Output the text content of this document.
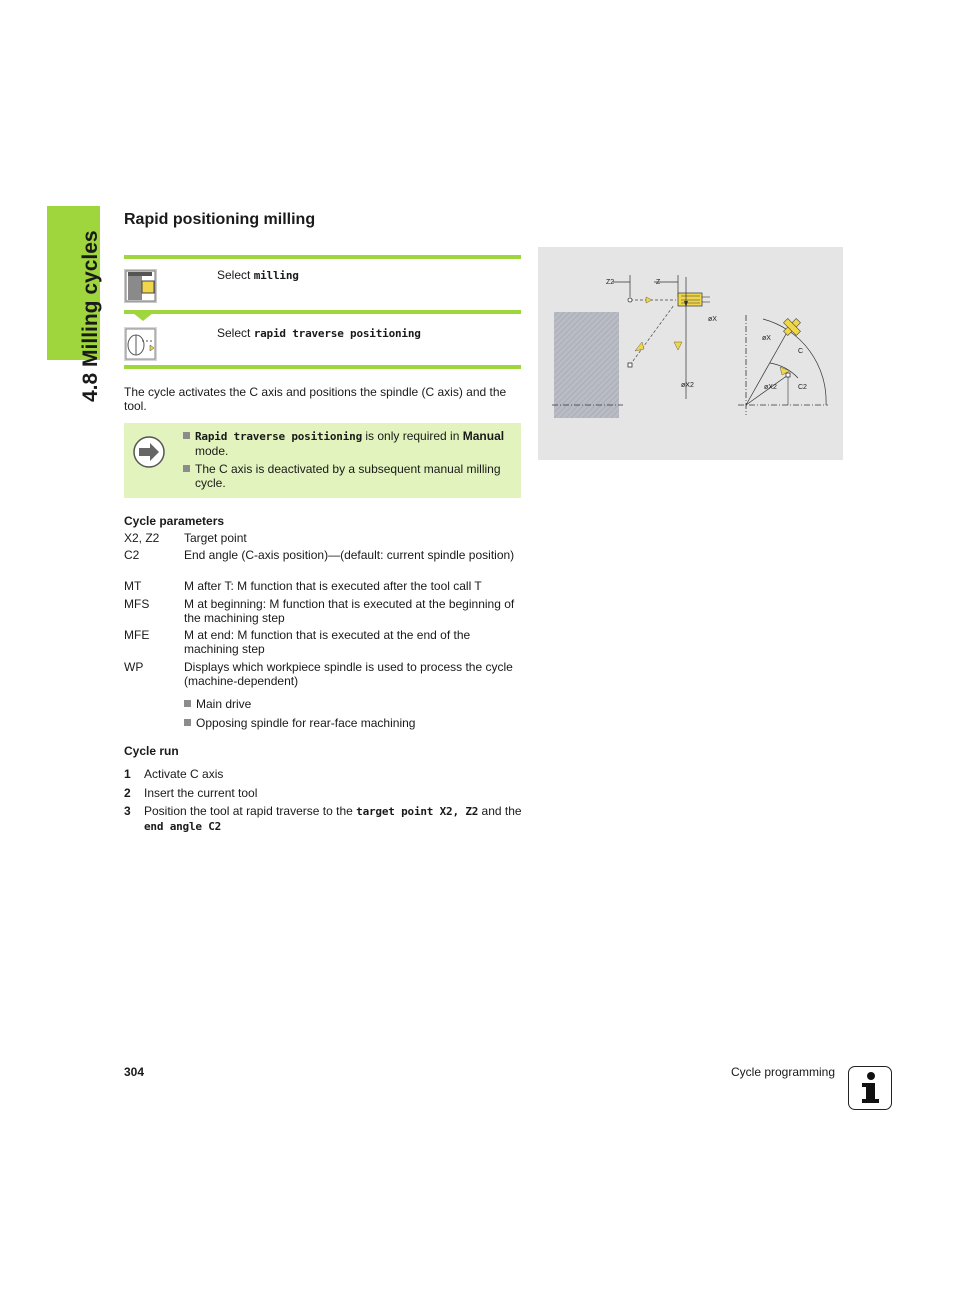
4.8 Milling cycles
Rapid positioning milling
Select milling
Select rapid traverse positioning

The cycle activates the C axis and positions the spindle (C axis) and the tool.

Rapid traverse positioning is only required in Manual mode.
The C axis is deactivated by a subsequent manual milling cycle.
Cycle parameters
X2, Z2	Target point
C2	End angle (C-axis position)—(default: current spindle position)
MT	M after T: M function that is executed after the tool call T
MFS	M at beginning: M function that is executed at the beginning of the machining step
MFE	M at end: M function that is executed at the end of the machining step
WP	Displays which workpiece spindle is used to process the cycle (machine-dependent)
Main drive
Opposing spindle for rear-face machining
Cycle run
1 Activate C axis
2 Insert the current tool
3 Position the tool at rapid traverse to the target point X2, Z2 and the end angle C2
Z2	Z
øX
øX2
øX
C
øX2	C2
304	Cycle programming
